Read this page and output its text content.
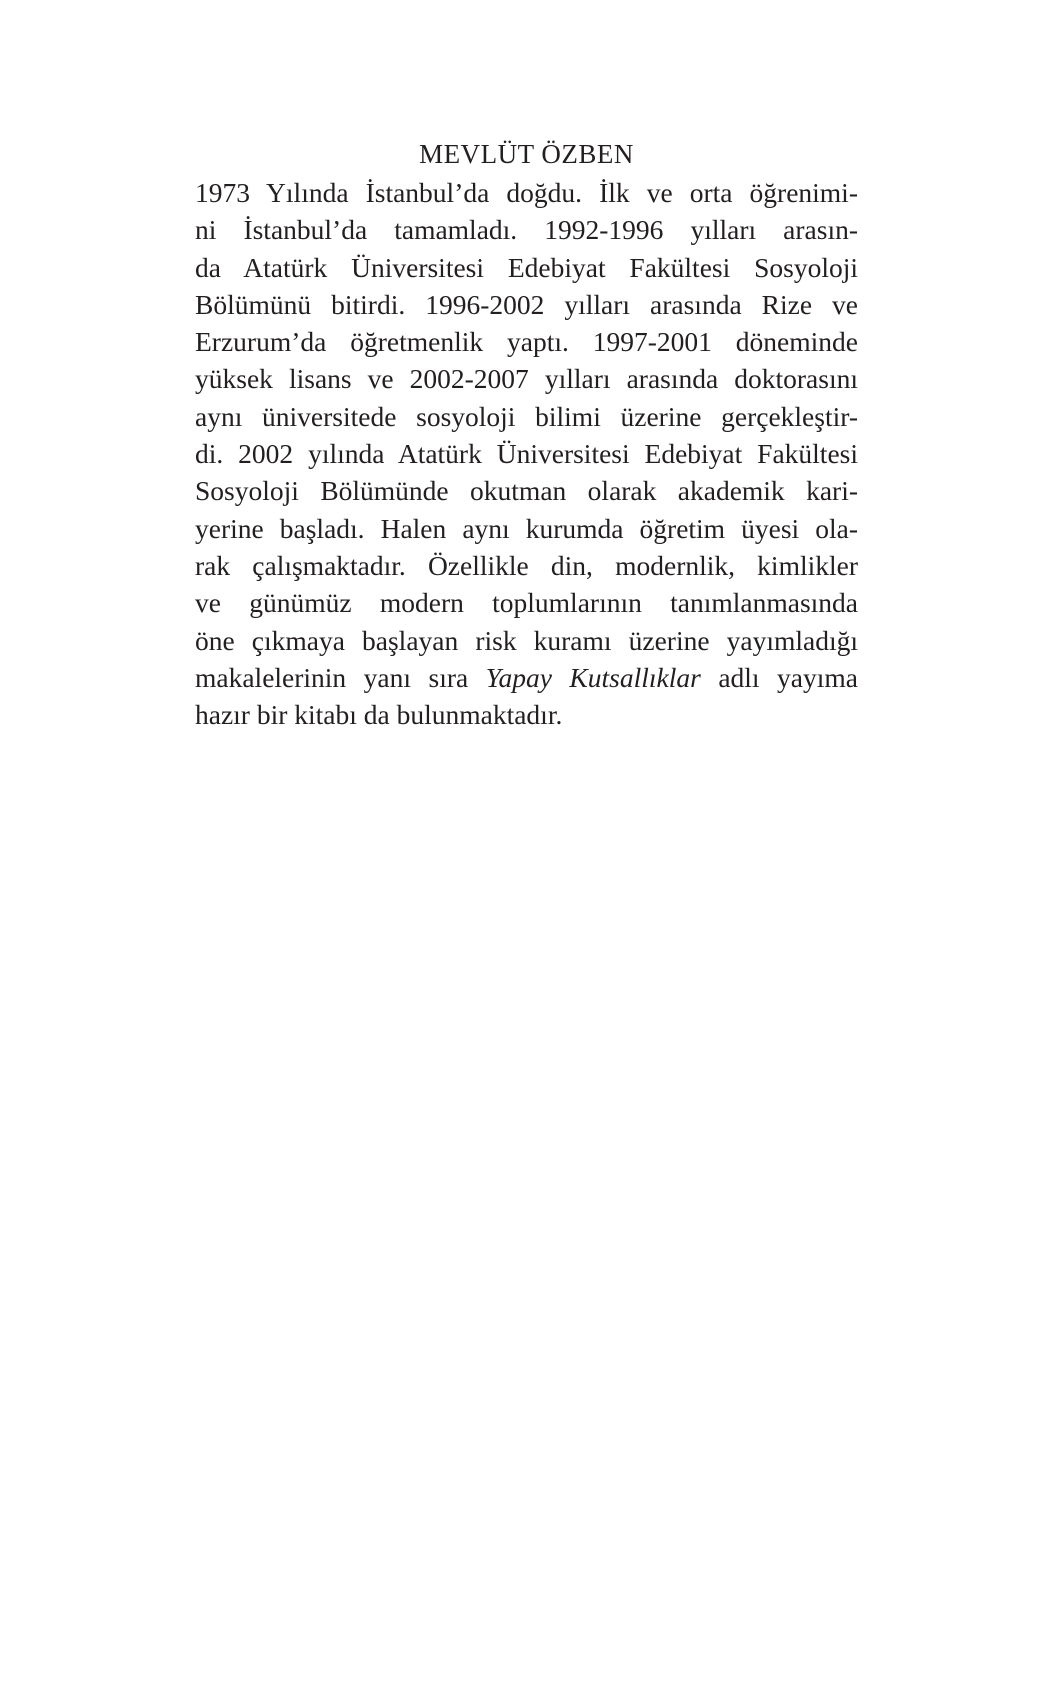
MEVLÜT ÖZBEN
1973 Yılında İstanbul’da doğdu. İlk ve orta öğrenimi-
ni İstanbul’da tamamladı. 1992-1996 yılları arasın-
da Atatürk Üniversitesi Edebiyat Fakültesi Sosyoloji
Bölümünü bitirdi. 1996-2002 yılları arasında Rize ve
Erzurum’da öğretmenlik yaptı. 1997-2001 döneminde
yüksek lisans ve 2002-2007 yılları arasında doktorasını
aynı üniversitede sosyoloji bilimi üzerine gerçekleştir-
di. 2002 yılında Atatürk Üniversitesi Edebiyat Fakültesi
Sosyoloji Bölümünde okutman olarak akademik kari-
yerine başladı. Halen aynı kurumda öğretim üyesi ola-
rak çalışmaktadır. Özellikle din, modernlik, kimlikler
ve günümüz modern toplumlarının tanımlanmasında
öne çıkmaya başlayan risk kuramı üzerine yayımladığı
makalelerinin yanı sıra Yapay Kutsallıklar adlı yayıma
hazır bir kitabı da bulunmaktadır.
